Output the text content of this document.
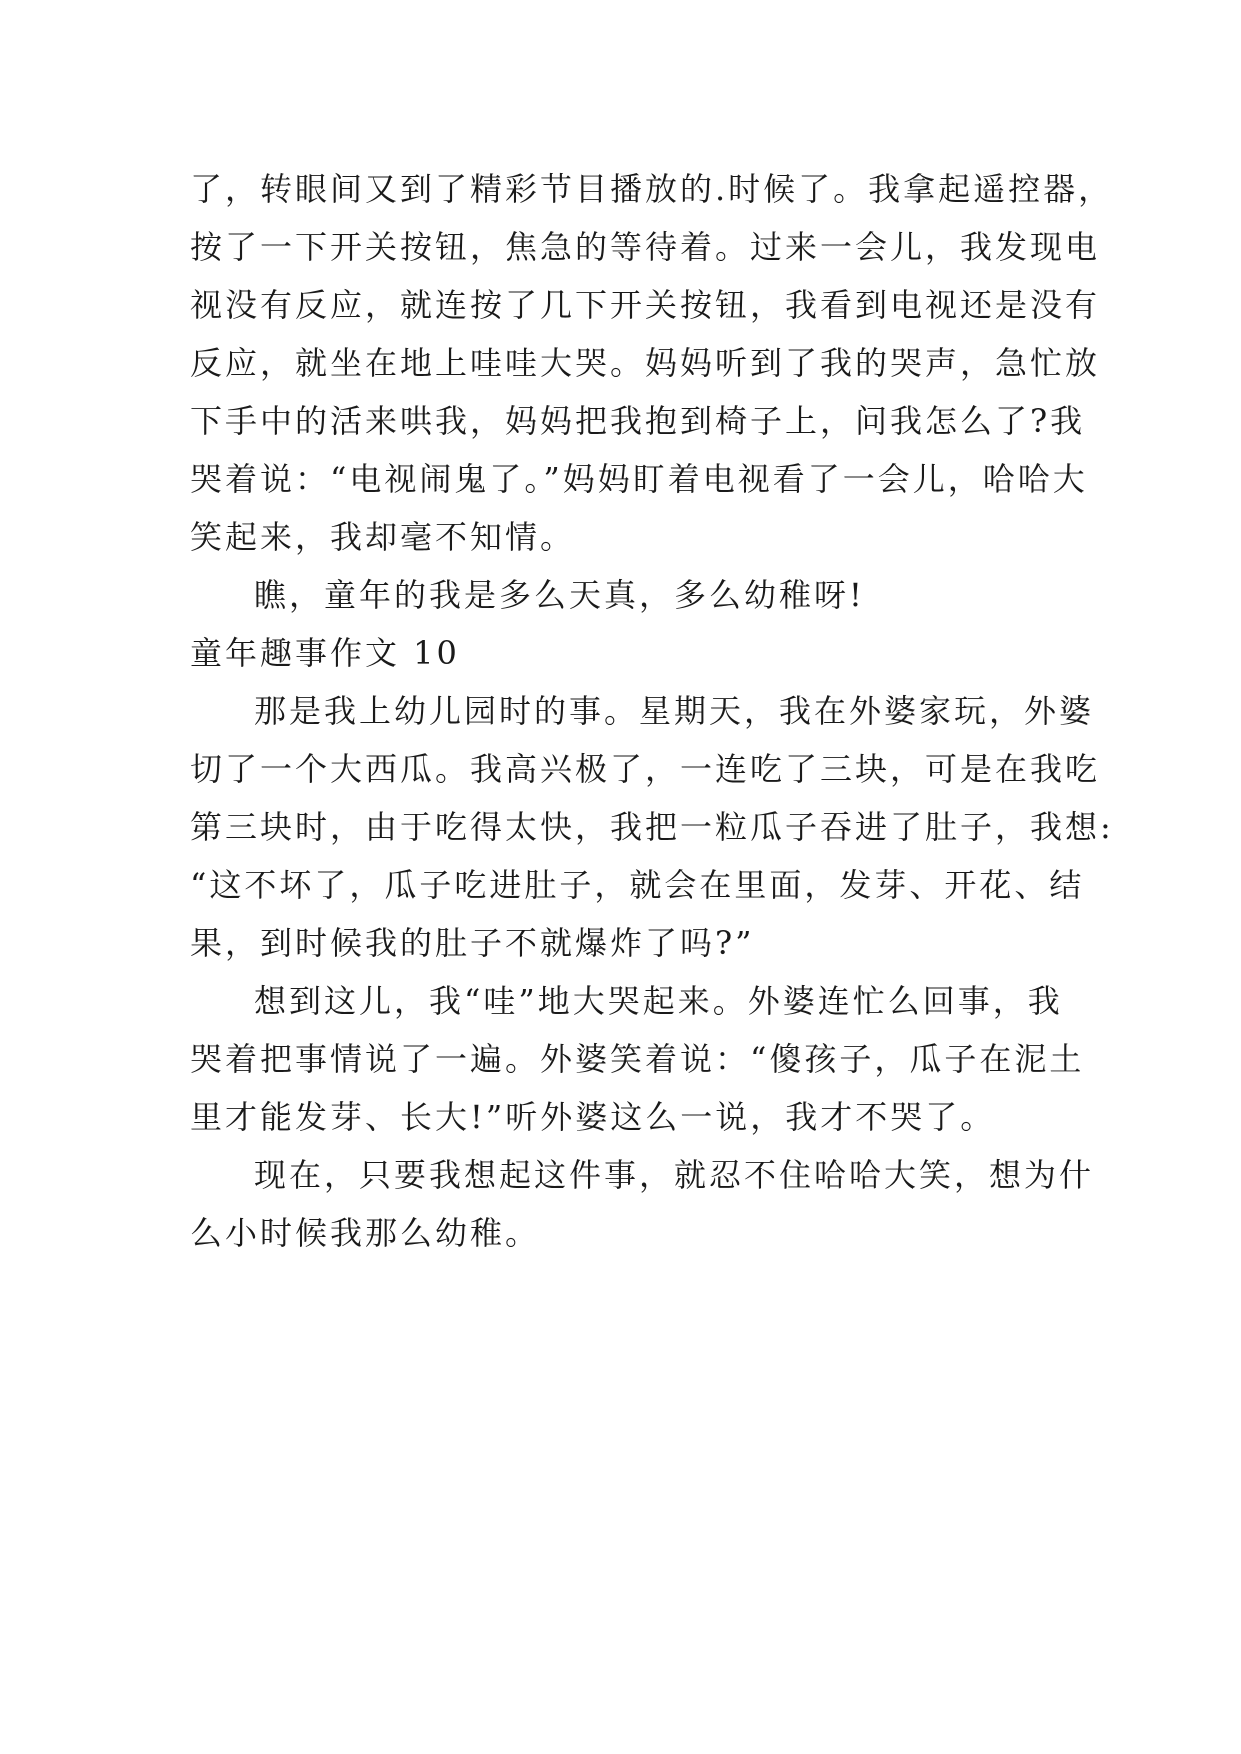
了，转眼间又到了精彩节目播放的.时候了。我拿起遥控器，
按了一下开关按钮，焦急的等待着。过来一会儿，我发现电
视没有反应，就连按了几下开关按钮，我看到电视还是没有
反应，就坐在地上哇哇大哭。妈妈听到了我的哭声，急忙放
下手中的活来哄我，妈妈把我抱到椅子上，问我怎么了?我
哭着说：“电视闹鬼了。”妈妈盯着电视看了一会儿，哈哈大
笑起来，我却毫不知情。
瞧，童年的我是多么天真，多么幼稚呀!
童年趣事作文 10
那是我上幼儿园时的事。星期天，我在外婆家玩，外婆
切了一个大西瓜。我高兴极了，一连吃了三块，可是在我吃
第三块时，由于吃得太快，我把一粒瓜子吞进了肚子，我想:
“这不坏了，瓜子吃进肚子，就会在里面，发芽、开花、结
果，到时候我的肚子不就爆炸了吗?”
想到这儿，我“哇”地大哭起来。外婆连忙么回事，我
哭着把事情说了一遍。外婆笑着说：“傻孩子，瓜子在泥土
里才能发芽、长大!”听外婆这么一说，我才不哭了。
现在，只要我想起这件事，就忍不住哈哈大笑，想为什
么小时候我那么幼稚。
